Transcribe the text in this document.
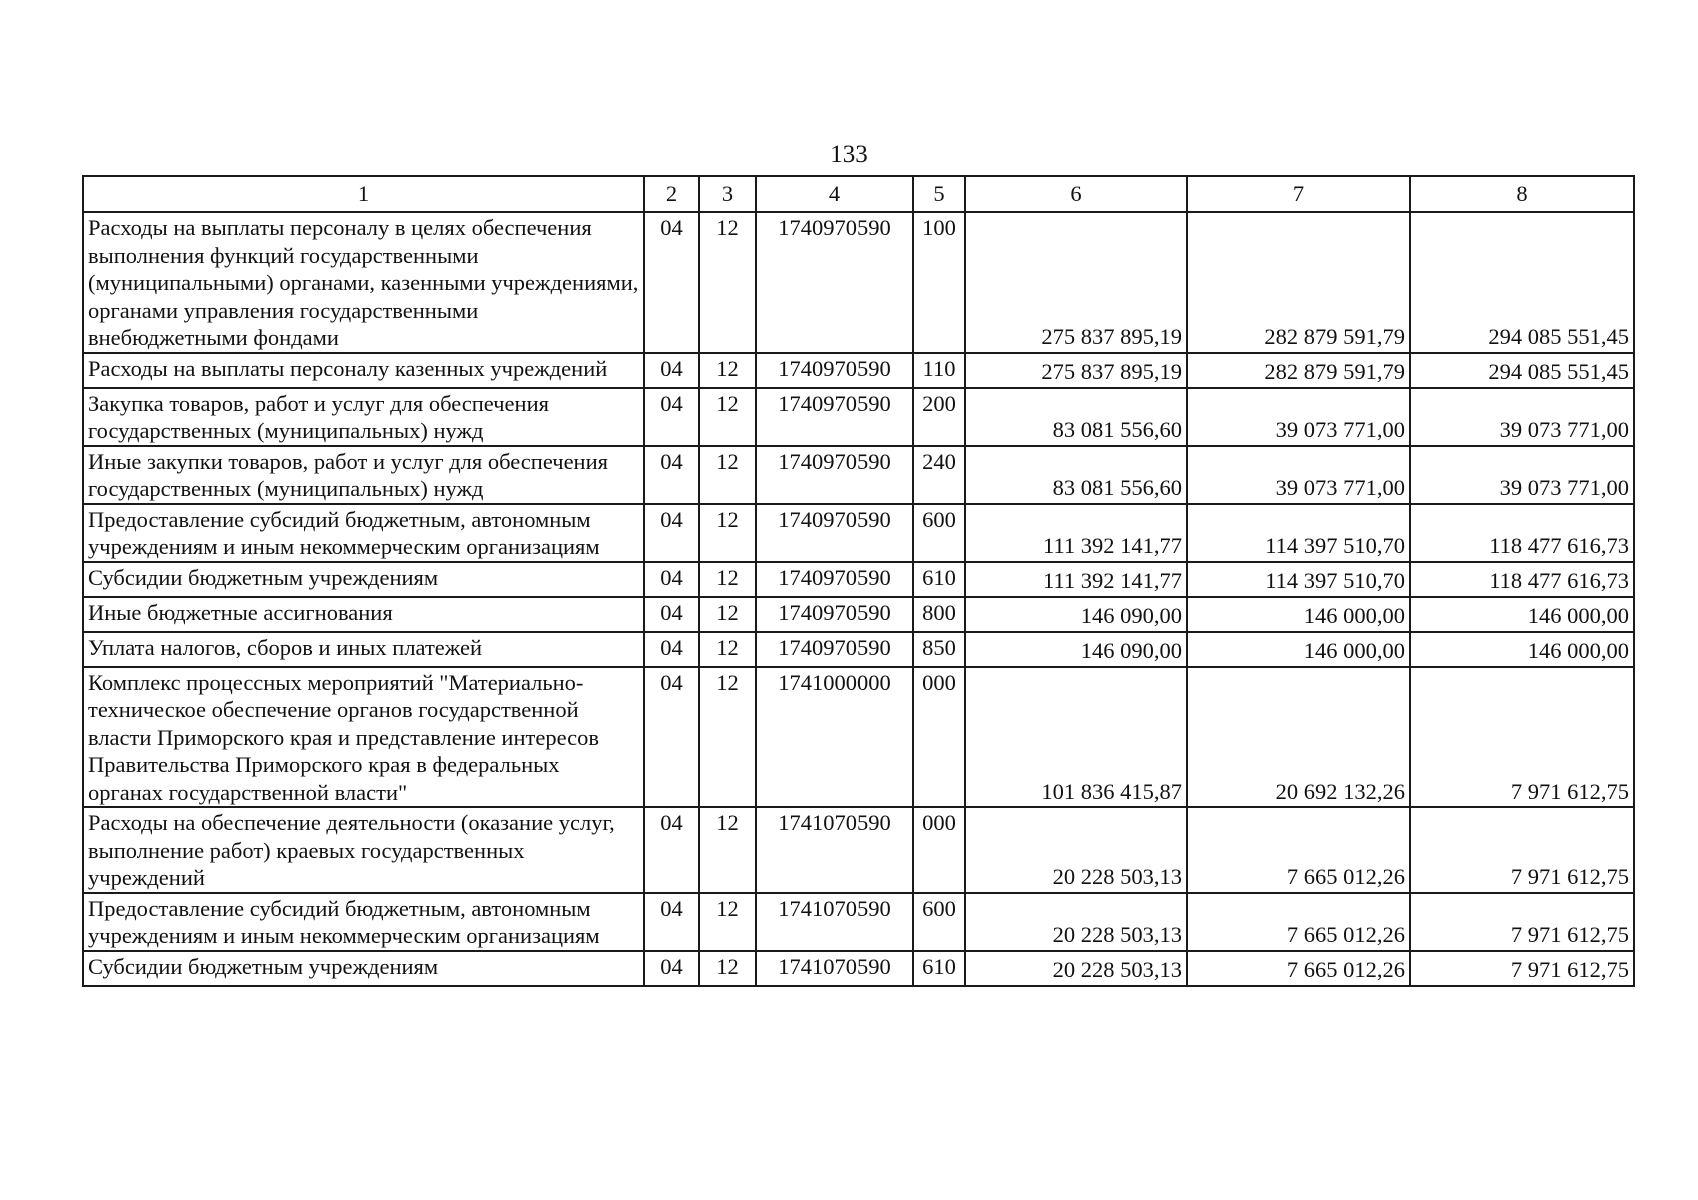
133
1	2	3	4	5	6	7	8
Расходы на выплаты персоналу в целях обеспечения выполнения функций государственными (муниципальными) органами, казенными учреждениями, органами управления государственными внебюджетными фондами	04	12	1740970590	100	275 837 895,19	282 879 591,79	294 085 551,45
Расходы на выплаты персоналу казенных учреждений	04	12	1740970590	110	275 837 895,19	282 879 591,79	294 085 551,45
Закупка товаров, работ и услуг для обеспечения государственных (муниципальных) нужд	04	12	1740970590	200	83 081 556,60	39 073 771,00	39 073 771,00
Иные закупки товаров, работ и услуг для обеспечения государственных (муниципальных) нужд	04	12	1740970590	240	83 081 556,60	39 073 771,00	39 073 771,00
Предоставление субсидий бюджетным, автономным учреждениям и иным некоммерческим организациям	04	12	1740970590	600	111 392 141,77	114 397 510,70	118 477 616,73
Субсидии бюджетным учреждениям	04	12	1740970590	610	111 392 141,77	114 397 510,70	118 477 616,73
Иные бюджетные ассигнования	04	12	1740970590	800	146 090,00	146 000,00	146 000,00
Уплата налогов, сборов и иных платежей	04	12	1740970590	850	146 090,00	146 000,00	146 000,00
Комплекс процессных мероприятий "Материально-техническое обеспечение органов государственной власти Приморского края и представление интересов Правительства Приморского края в федеральных органах государственной власти"	04	12	1741000000	000	101 836 415,87	20 692 132,26	7 971 612,75
Расходы на обеспечение деятельности (оказание услуг, выполнение работ) краевых государственных учреждений	04	12	1741070590	000	20 228 503,13	7 665 012,26	7 971 612,75
Предоставление субсидий бюджетным, автономным учреждениям и иным некоммерческим организациям	04	12	1741070590	600	20 228 503,13	7 665 012,26	7 971 612,75
Субсидии бюджетным учреждениям	04	12	1741070590	610	20 228 503,13	7 665 012,26	7 971 612,75
